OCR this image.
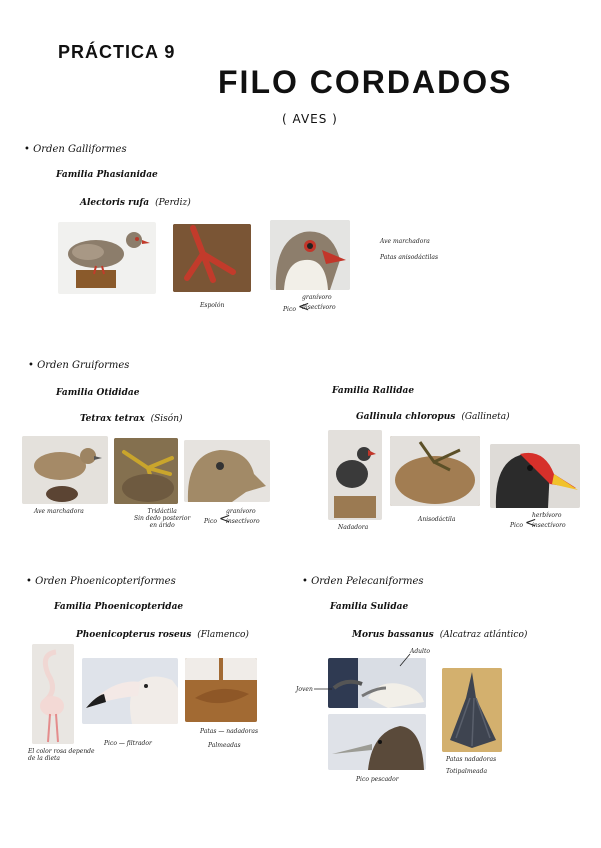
PRÁCTICA 9
FILO CORDADOS
( AVES )
• Orden Galliformes
Familia Phasianidae
Alectoris rufa (Perdiz)
Ave marchadora
Patas anisodáctilas
Espolón
Pico <
granívoro
insectívoro
• Orden Gruiformes
Familia Otididae
Tetrax tetrax (Sisón)
Ave marchadora	Tridáctila
Sin dedo posterior
en árido
Pico <
granívoro
insectívoro
Familia Rallidae
Gallinula chloropus (Gallineta)
Nadadora
Anisodáctila
Pico <
herbívoro
insectívoro
• Orden Phoenicopteriformes
Familia Phoenicopteridae
Phoenicopterus roseus (Flamenco)
El color rosa depende
de la dieta
Pico — filtrador
Patas — nadadoras
Palmeadas
• Orden Pelecaniformes
Familia Sulidae
Morus bassanus (Alcatraz atlántico)
Adulto
Joven
Pico pescador
Patas nadadoras
Totipalmeada
